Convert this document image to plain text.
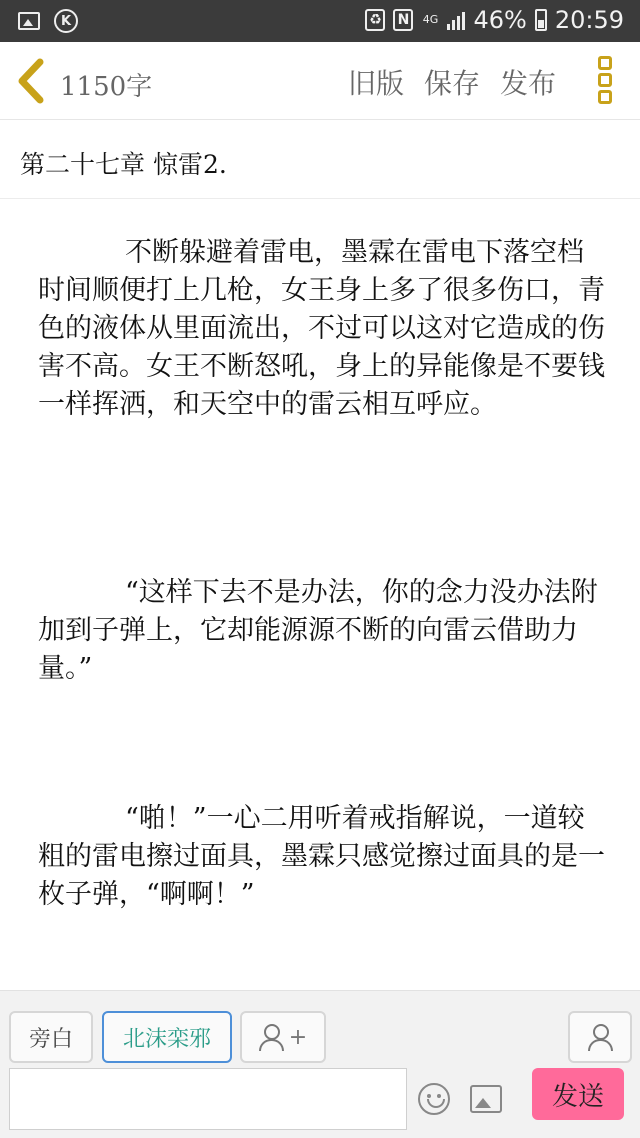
K	♻ N	4G 46% 20:59
1150字	旧版 保存 发布
第二十七章 惊雷2.

不断躲避着雷电，墨霖在雷电下落空档时间顺便打上几枪，女王身上多了很多伤口，青色的液体从里面流出，不过可以这对它造成的伤害不高。女王不断怒吼，身上的异能像是不要钱一样挥洒，和天空中的雷云相互呼应。

“这样下去不是办法，你的念力没办法附加到子弹上，它却能源源不断的向雷云借助力量。”

“啪！”一心二用听着戒指解说，一道较粗的雷电擦过面具，墨霖只感觉擦过面具的是一枚子弹，“啊啊！”

旁白	北沫栾邪	+
发送
